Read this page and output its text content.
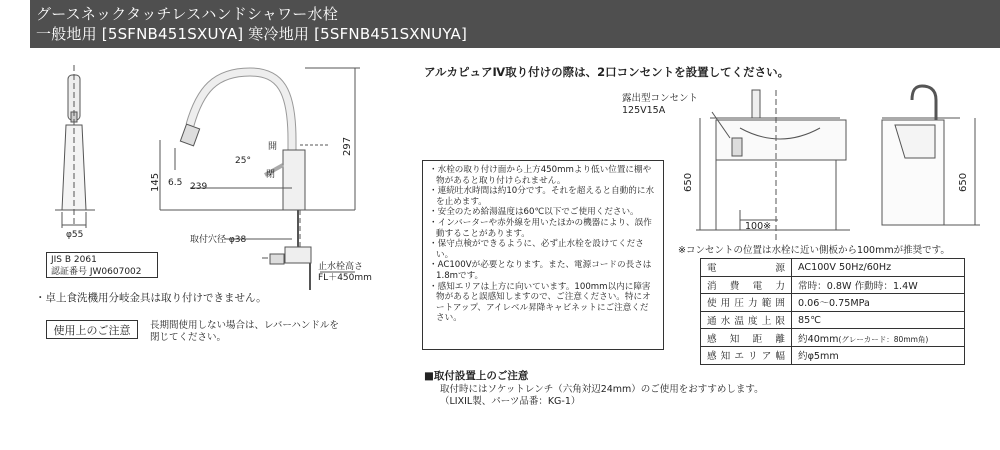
グースネックタッチレスハンドシャワー水栓
一般地用 [5SFNB451SXUYA] 寒冷地用 [5SFNB451SXNUYA]
239
6.5
25°
開
閉
φ55	取付穴径 φ38
止水栓高さ
FL＋450mm
297
145
JIS B 2061
認証番号 JW0607002
・卓上食洗機用分岐金具は取り付けできません。
使用上のご注意	長期間使用しない場合は、レバーハンドルを
閉じてください。
アルカピュアⅣ取り付けの際は、2口コンセントを設置してください。
露出型コンセント
125V15A
100※
650	650
・水栓の取り付け面から上方450mmより低い位置に棚や物があると取り付けられません。
・連続吐水時間は約10分です。それを超えると自動的に水を止めます。
・安全のため給湯温度は60℃以下でご使用ください。
・インバーターや赤外線を用いたほかの機器により、誤作動することがあります。
・保守点検ができるように、必ず止水栓を設けてください。
・AC100Vが必要となります。また、電源コードの長さは1.8mです。
・感知エリアは上方に向いています。100mm以内に障害物があると誤感知しますので、ご注意ください。特にオートアップ、アイレベル昇降キャビネットにご注意ください。
※コンセントの位置は水栓に近い側板から100mmが推奨です。
電源	AC100V 50Hz/60Hz
消費電力	常時：0.8W 作動時：1.4W
使用圧力範囲	0.06〜0.75MPa
通水温度上限	85℃
感知距離	約40mm(グレーカード：80mm角)
感知エリア幅	約φ5mm
■取付設置上のご注意
取付時にはソケットレンチ（六角対辺24mm）のご使用をおすすめします。
（LIXIL製、パーツ品番：KG-1）
